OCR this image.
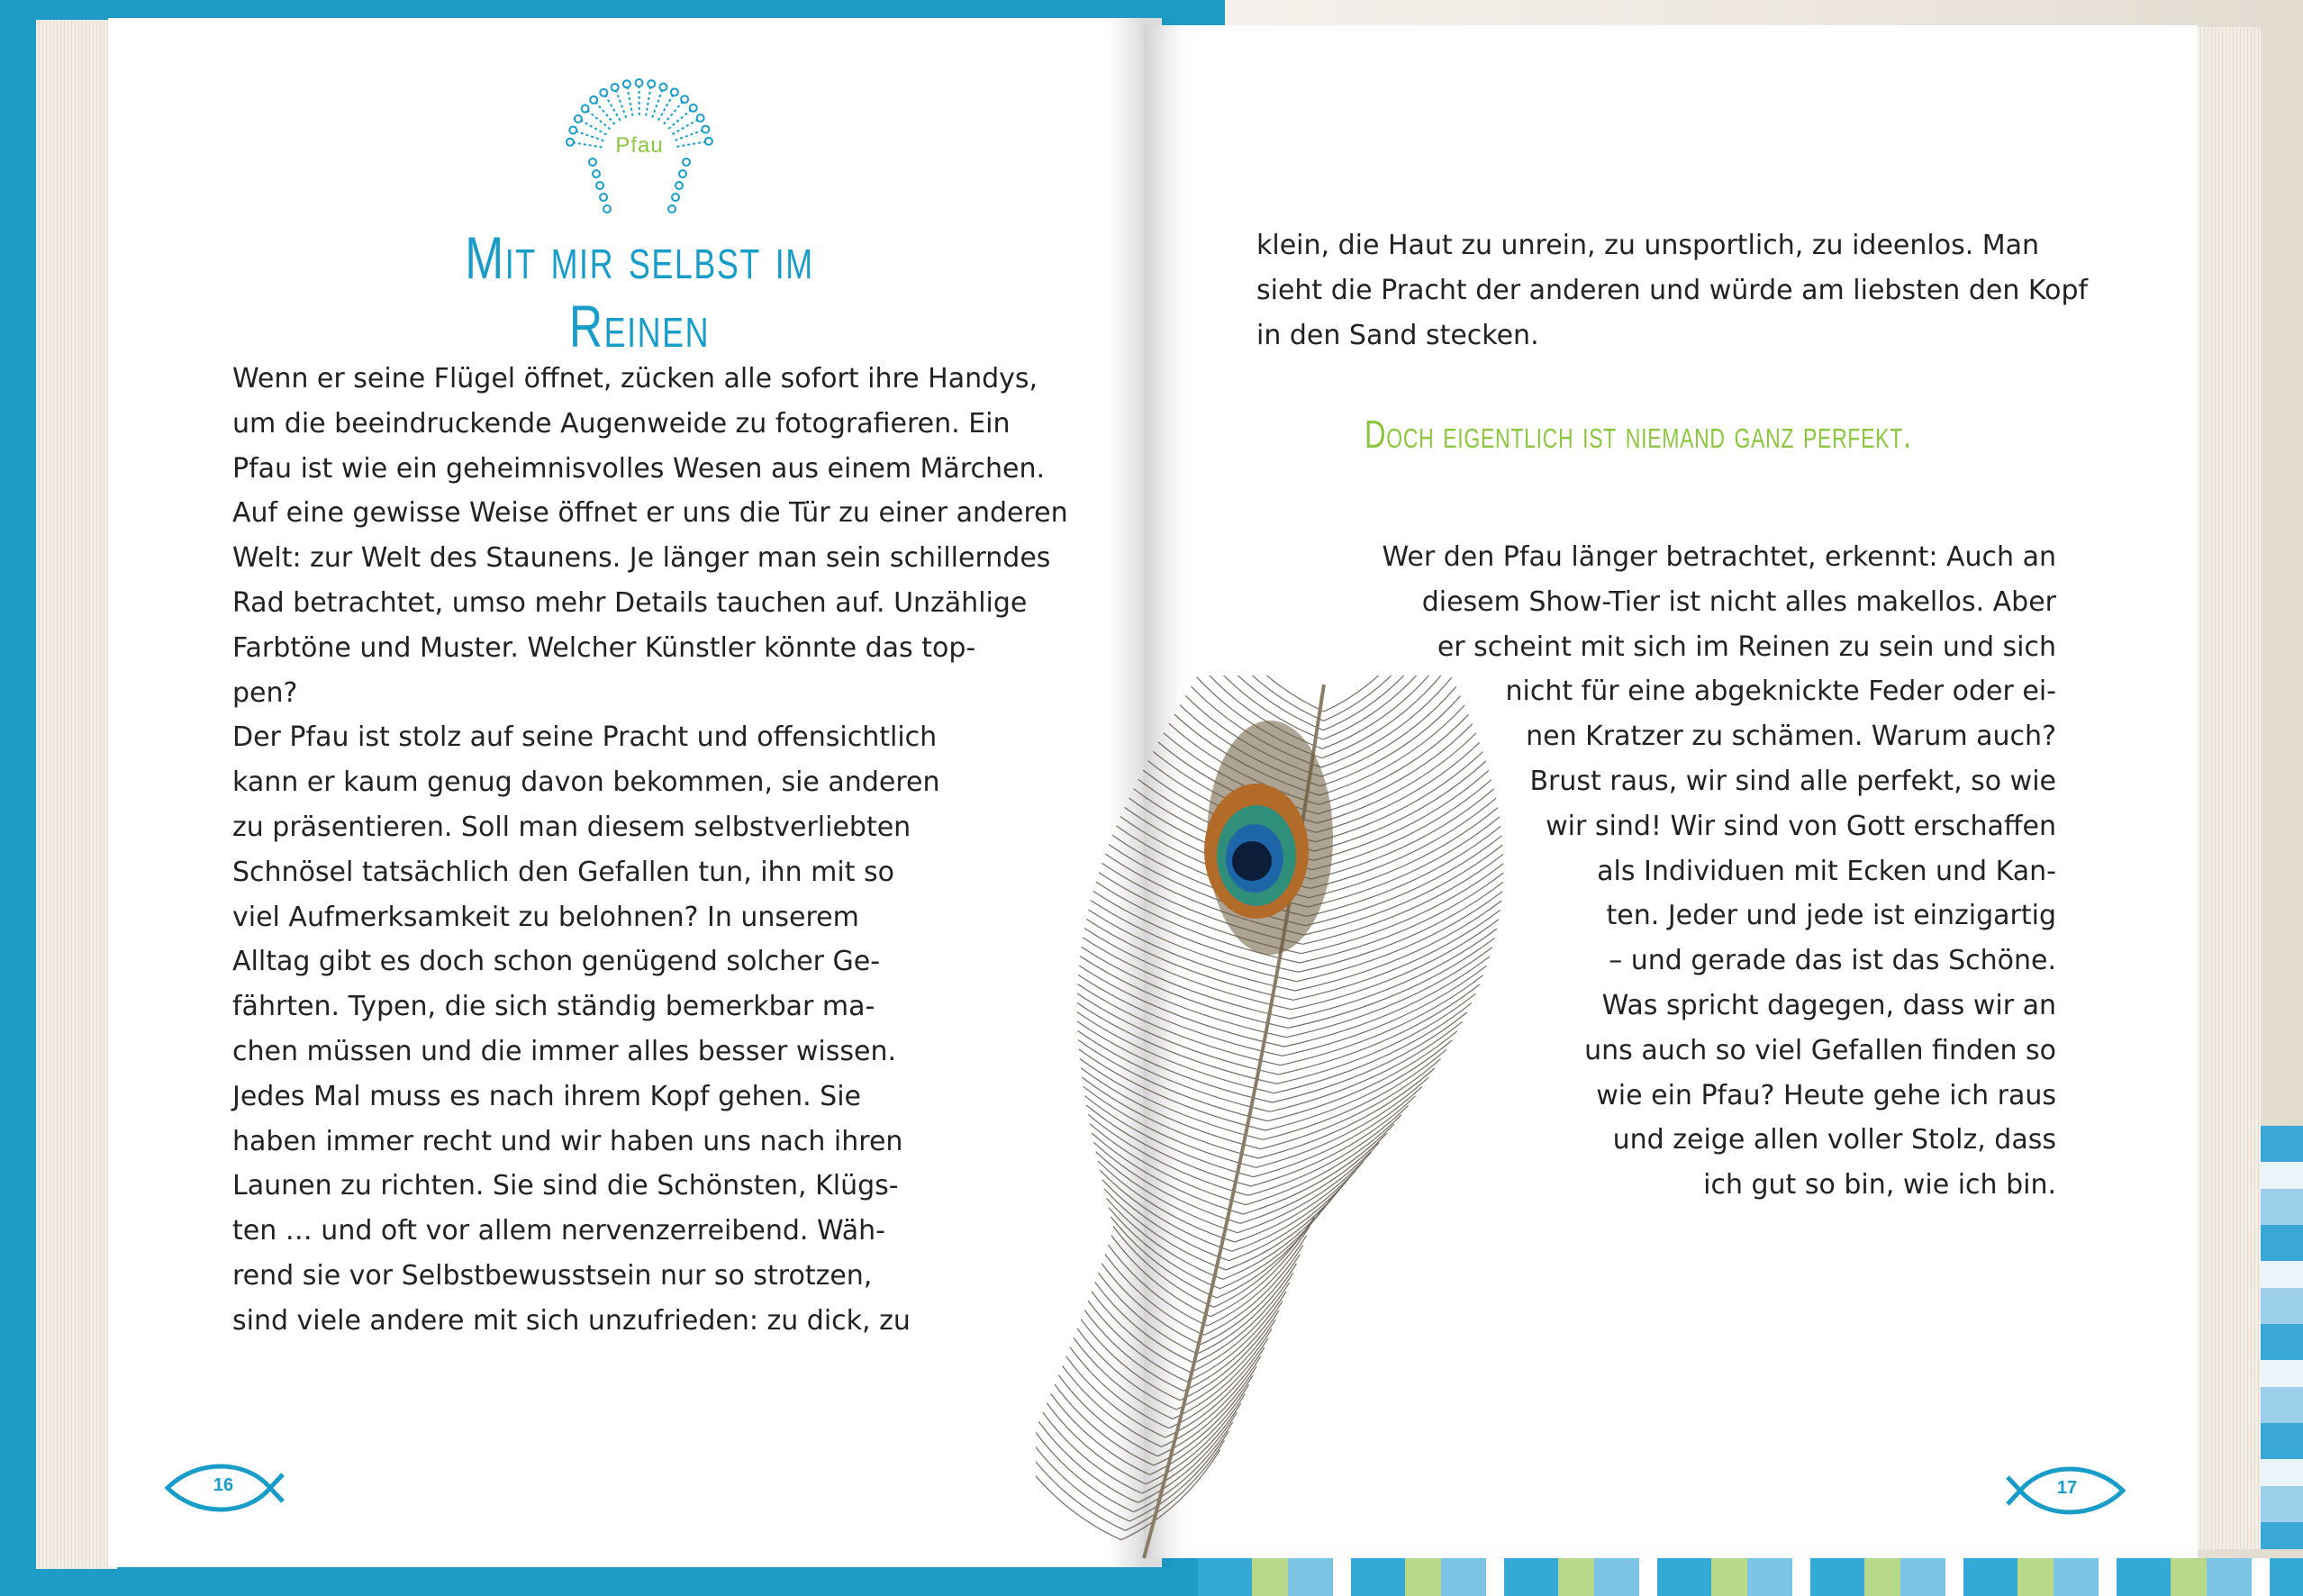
Pfau
Mit mir selbst im Reinen
Wenn er seine Flügel öffnet, zücken alle sofort ihre Handys,
um die beeindruckende Augenweide zu fotografieren. Ein
Pfau ist wie ein geheimnisvolles Wesen aus einem Märchen.
Auf eine gewisse Weise öffnet er uns die Tür zu einer anderen
Welt: zur Welt des Staunens. Je länger man sein schillerndes
Rad betrachtet, umso mehr Details tauchen auf. Unzählige
Farbtöne und Muster. Welcher Künstler könnte das top-
pen?
Der Pfau ist stolz auf seine Pracht und offensichtlich
kann er kaum genug davon bekommen, sie anderen
zu präsentieren. Soll man diesem selbstverliebten
Schnösel tatsächlich den Gefallen tun, ihn mit so
viel Aufmerksamkeit zu belohnen? In unserem
Alltag gibt es doch schon genügend solcher Ge-
fährten. Typen, die sich ständig bemerkbar ma-
chen müssen und die immer alles besser wissen.
Jedes Mal muss es nach ihrem Kopf gehen. Sie
haben immer recht und wir haben uns nach ihren
Launen zu richten. Sie sind die Schönsten, Klügs-
ten … und oft vor allem nervenzerreibend. Wäh-
rend sie vor Selbstbewusstsein nur so strotzen,
sind viele andere mit sich unzufrieden: zu dick, zu
klein, die Haut zu unrein, zu unsportlich, zu ideenlos. Man
sieht die Pracht der anderen und würde am liebsten den Kopf
in den Sand stecken.
Doch eigentlich ist niemand ganz perfekt.
Wer den Pfau länger betrachtet, erkennt: Auch an
diesem Show-Tier ist nicht alles makellos. Aber
er scheint mit sich im Reinen zu sein und sich
nicht für eine abgeknickte Feder oder ei-
nen Kratzer zu schämen. Warum auch?
Brust raus, wir sind alle perfekt, so wie
wir sind! Wir sind von Gott erschaffen
als Individuen mit Ecken und Kan-
ten. Jeder und jede ist einzigartig
– und gerade das ist das Schöne.
Was spricht dagegen, dass wir an
uns auch so viel Gefallen finden so
wie ein Pfau? Heute gehe ich raus
und zeige allen voller Stolz, dass
ich gut so bin, wie ich bin.
16	17
